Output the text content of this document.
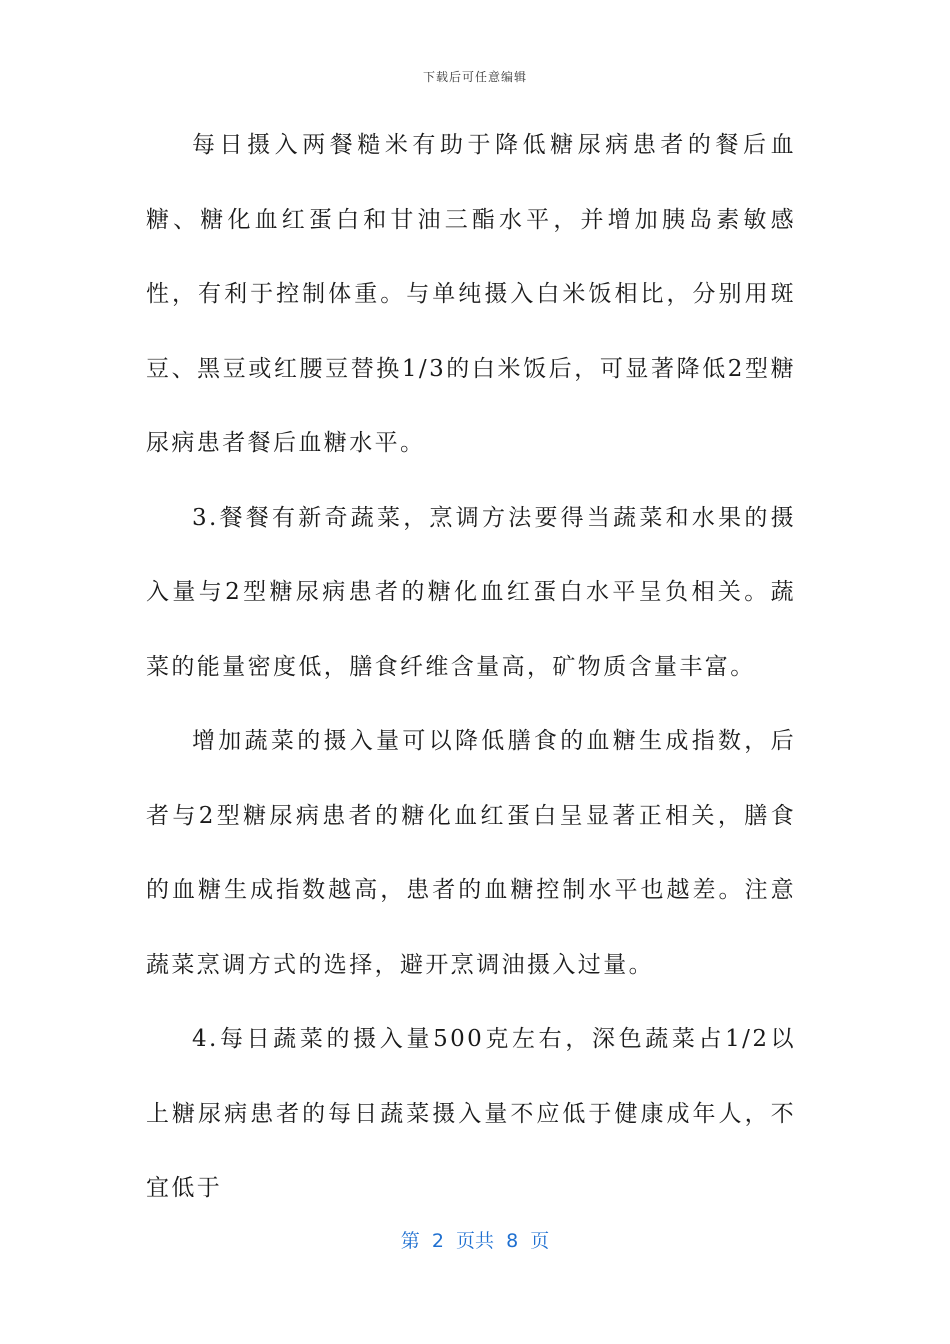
下载后可任意编辑

每日摄入两餐糙米有助于降低糖尿病患者的餐后血糖、糖化血红蛋白和甘油三酯水平，并增加胰岛素敏感性，有利于控制体重。与单纯摄入白米饭相比，分别用斑豆、黑豆或红腰豆替换1/3的白米饭后，可显著降低2型糖尿病患者餐后血糖水平。

3.餐餐有新奇蔬菜，烹调方法要得当蔬菜和水果的摄入量与2型糖尿病患者的糖化血红蛋白水平呈负相关。蔬菜的能量密度低，膳食纤维含量高，矿物质含量丰富。

增加蔬菜的摄入量可以降低膳食的血糖生成指数，后者与2型糖尿病患者的糖化血红蛋白呈显著正相关，膳食的血糖生成指数越高，患者的血糖控制水平也越差。注意蔬菜烹调方式的选择，避开烹调油摄入过量。

4.每日蔬菜的摄入量500克左右，深色蔬菜占1/2以上糖尿病患者的每日蔬菜摄入量不应低于健康成年人，不宜低于

第  2  页共  8  页
